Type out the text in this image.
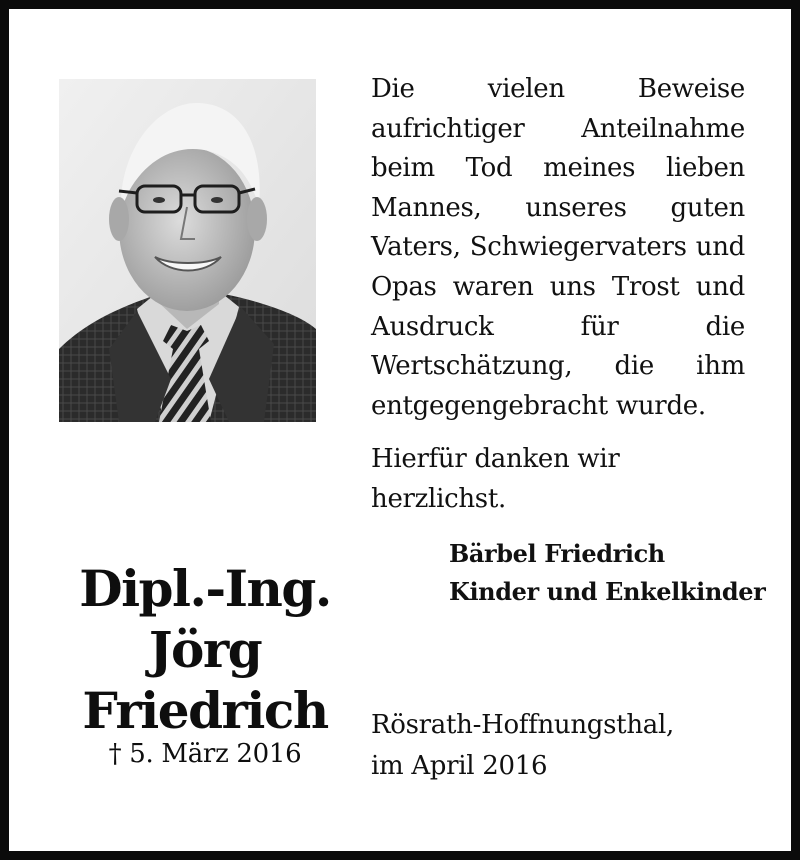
Die vielen Beweise aufrichtiger Anteilnahme beim Tod meines lieben Mannes, unseres guten Vaters, Schwiegervaters und Opas waren uns Trost und Ausdruck für die Wertschätzung, die ihm entgegengebracht wurde.
Hierfür danken wir herzlichst.
Bärbel Friedrich
Kinder und Enkelkinder
Dipl.-Ing.
Jörg
Friedrich
† 5. März 2016
Rösrath-Hoffnungsthal,
im April 2016
